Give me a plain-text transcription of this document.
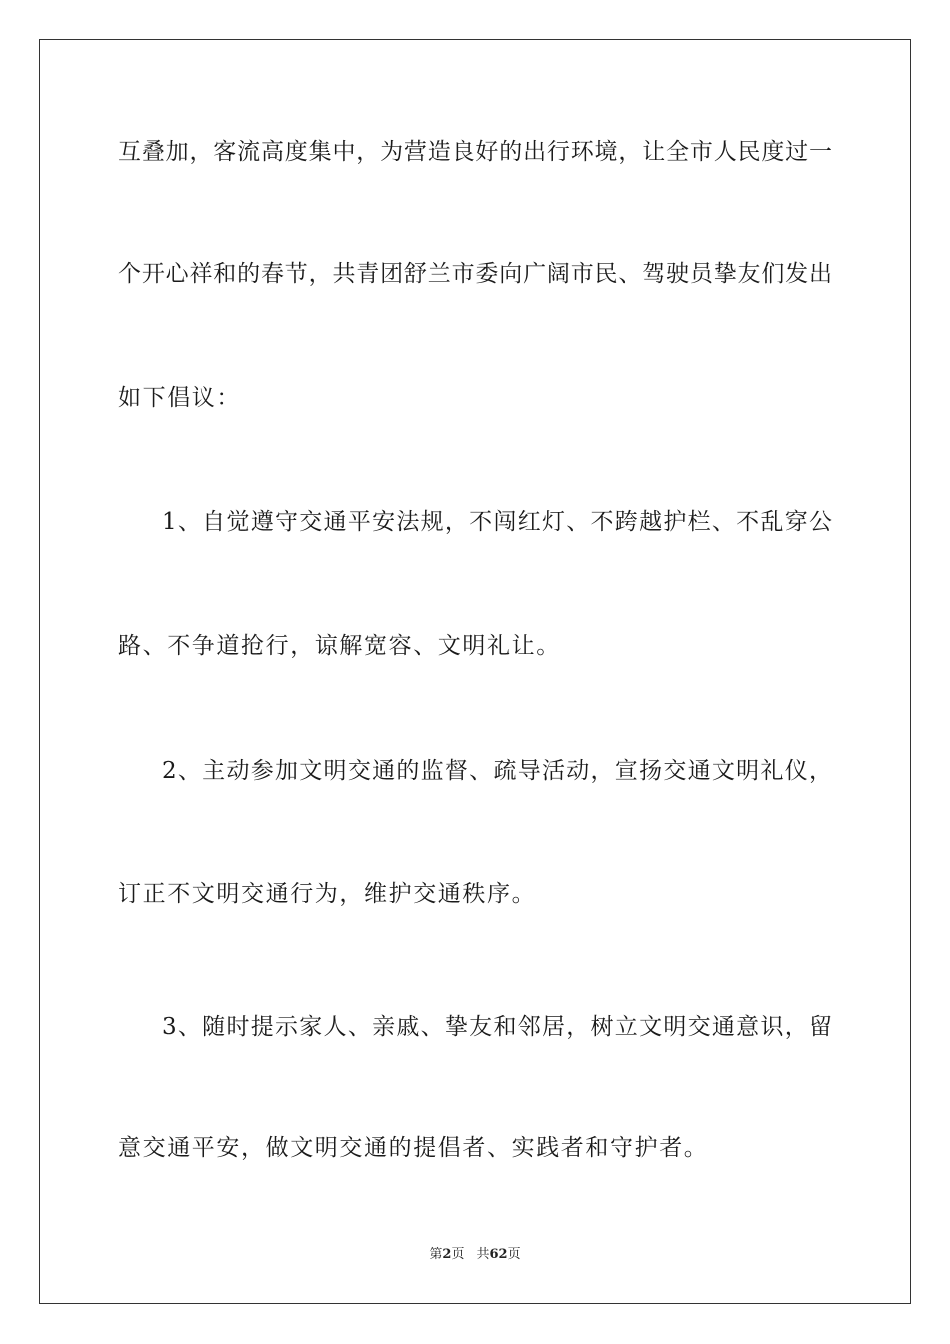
互叠加，客流高度集中，为营造良好的出行环境，让全市人民度过一
个开心祥和的春节，共青团舒兰市委向广阔市民、驾驶员挚友们发出
如下倡议：
1、自觉遵守交通平安法规，不闯红灯、不跨越护栏、不乱穿公
路、不争道抢行，谅解宽容、文明礼让。
2、主动参加文明交通的监督、疏导活动，宣扬交通文明礼仪，
订正不文明交通行为，维护交通秩序。
3、随时提示家人、亲戚、挚友和邻居，树立文明交通意识，留
意交通平安，做文明交通的提倡者、实践者和守护者。
第2页 共62页
